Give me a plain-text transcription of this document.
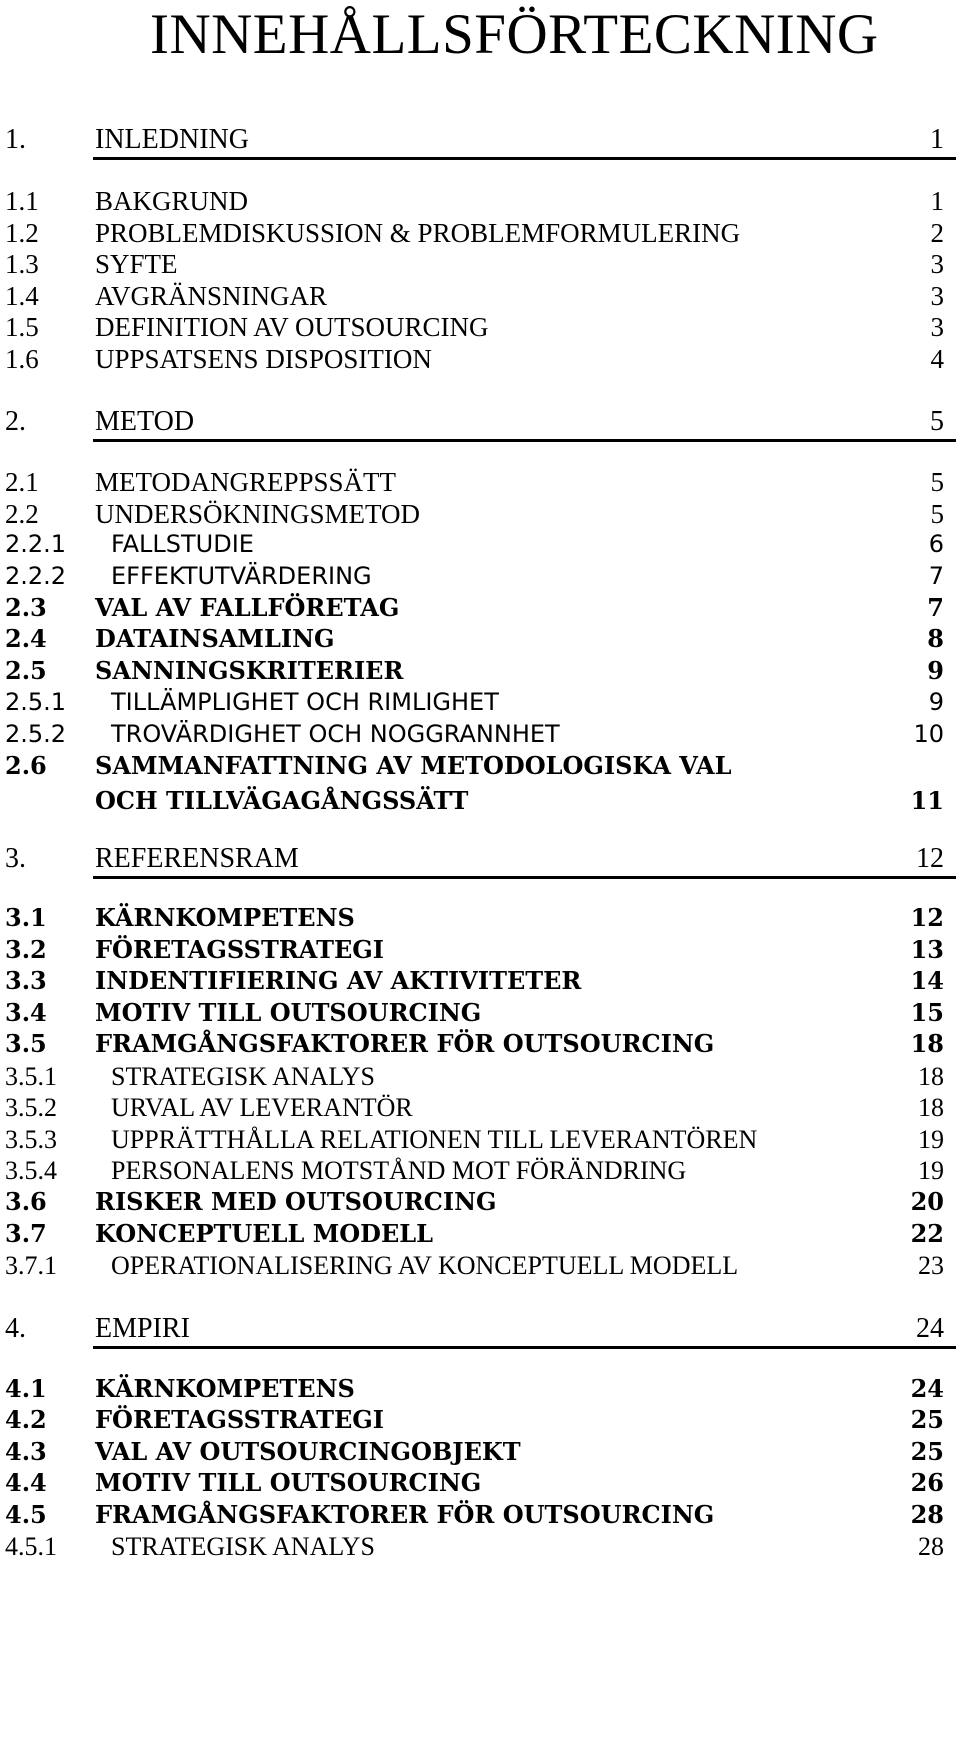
INNEHÅLLSFÖRTECKNING
1. INLEDNING	1
1.1 BAKGRUND	1
1.2 PROBLEMDISKUSSION & PROBLEMFORMULERING	2
1.3 SYFTE	3
1.4 AVGRÄNSNINGAR	3
1.5 DEFINITION AV OUTSOURCING	3
1.6 UPPSATSENS DISPOSITION	4
2. METOD	5
2.1 METODANGREPPSSÄTT	5
2.2 UNDERSÖKNINGSMETOD	5
2.2.1 FALLSTUDIE	6
2.2.2 EFFEKTUTVÄRDERING	7
2.3 VAL AV FALLFÖRETAG	7
2.4 DATAINSAMLING	8
2.5 SANNINGSKRITERIER	9
2.5.1 TILLÄMPLIGHET OCH RIMLIGHET	9
2.5.2 TROVÄRDIGHET OCH NOGGRANNHET	10
2.6 SAMMANFATTNING AV METODOLOGISKA VAL
OCH TILLVÄGAGÅNGSSÄTT	11
3. REFERENSRAM	12
3.1 KÄRNKOMPETENS	12
3.2 FÖRETAGSSTRATEGI	13
3.3 INDENTIFIERING AV AKTIVITETER	14
3.4 MOTIV TILL OUTSOURCING	15
3.5 FRAMGÅNGSFAKTORER FÖR OUTSOURCING	18
3.5.1 STRATEGISK ANALYS	18
3.5.2 URVAL AV LEVERANTÖR	18
3.5.3 UPPRÄTTHÅLLA RELATIONEN TILL LEVERANTÖREN	19
3.5.4 PERSONALENS MOTSTÅND MOT FÖRÄNDRING	19
3.6 RISKER MED OUTSOURCING	20
3.7 KONCEPTUELL MODELL	22
3.7.1 OPERATIONALISERING AV KONCEPTUELL MODELL	23
4. EMPIRI	24
4.1 KÄRNKOMPETENS	24
4.2 FÖRETAGSSTRATEGI	25
4.3 VAL AV OUTSOURCINGOBJEKT	25
4.4 MOTIV TILL OUTSOURCING	26
4.5 FRAMGÅNGSFAKTORER FÖR OUTSOURCING	28
4.5.1 STRATEGISK ANALYS	28
